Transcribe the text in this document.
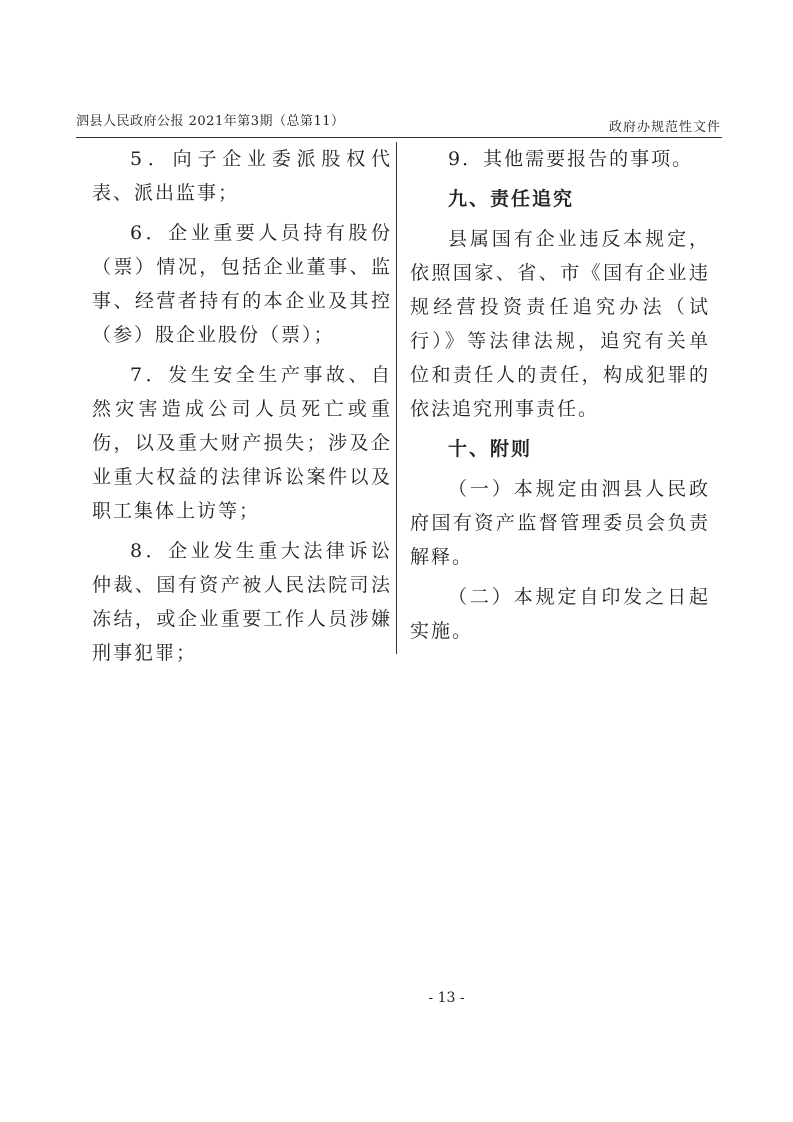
泗县人民政府公报 2021年第3期（总第11）	政府办规范性文件

5．向子企业委派股权代表、派出监事；

6．企业重要人员持有股份（票）情况，包括企业董事、监事、经营者持有的本企业及其控（参）股企业股份（票）；

7．发生安全生产事故、自然灾害造成公司人员死亡或重伤，以及重大财产损失；涉及企业重大权益的法律诉讼案件以及职工集体上访等；

8．企业发生重大法律诉讼仲裁、国有资产被人民法院司法冻结，或企业重要工作人员涉嫌刑事犯罪；

9．其他需要报告的事项。

九、责任追究

县属国有企业违反本规定，依照国家、省、市《国有企业违规经营投资责任追究办法（试行）》等法律法规，追究有关单位和责任人的责任，构成犯罪的依法追究刑事责任。

十、附则

（一）本规定由泗县人民政府国有资产监督管理委员会负责解释。

（二）本规定自印发之日起实施。

- 13 -
